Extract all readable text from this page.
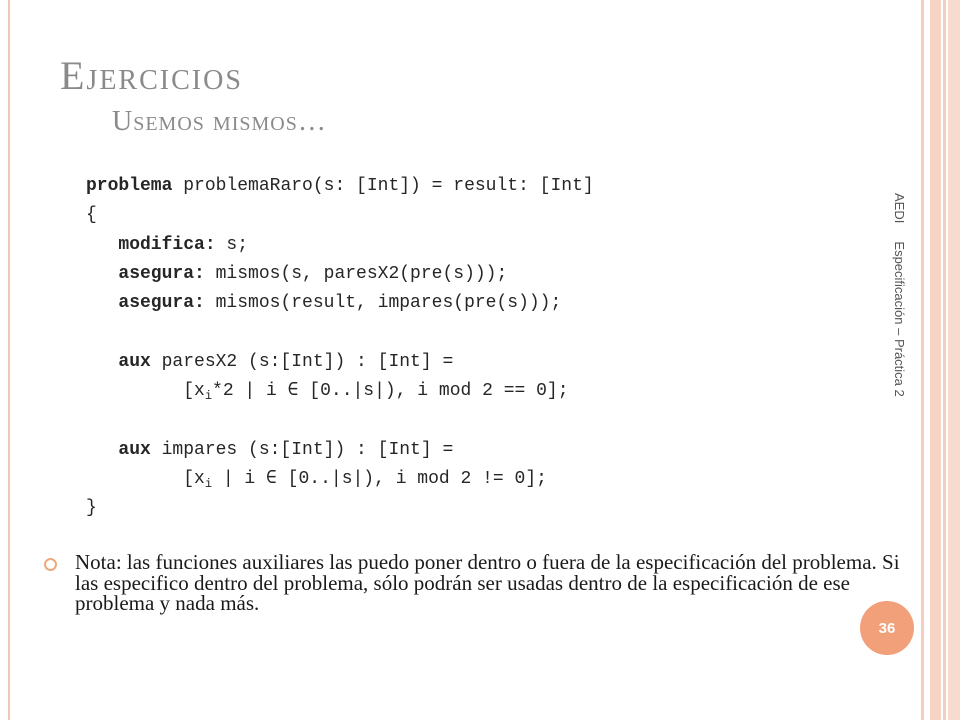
Ejercicios
Usemos mismos…
problema problemaRaro(s: [Int]) = result: [Int]
{
modifica: s;
asegura: mismos(s, paresX2(pre(s)));
asegura: mismos(result, impares(pre(s)));
aux paresX2 (s:[Int]) : [Int] =
[$x_i*2$ | i ∈ [0..|s|), i mod 2 == 0];
aux impares (s:[Int]) : [Int] =
[$x_i$ | i ∈ [0..|s|), i mod 2 != 0];
}
Nota: las funciones auxiliares las puedo poner dentro o fuera de la especificación del problema. Si las especifico dentro del problema, sólo podrán ser usadas dentro de la especificación de ese problema y nada más.
AEDI     Especificación – Práctica 2
36
